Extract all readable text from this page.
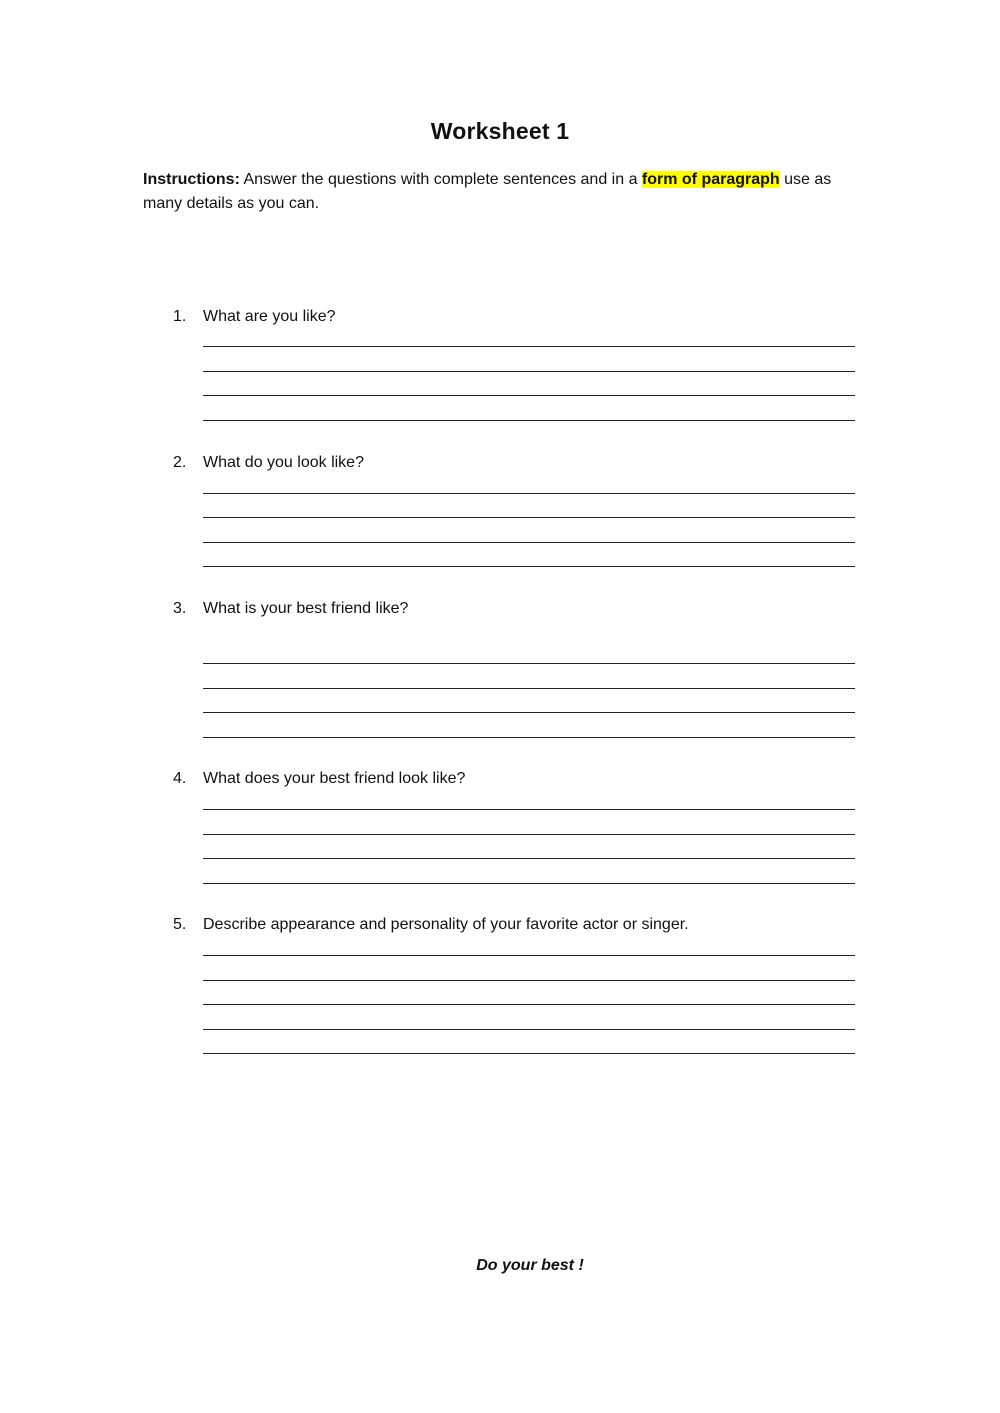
Worksheet 1

Instructions: Answer the questions with complete sentences and in a form of paragraph use as many details as you can.

1. What are you like?

2. What do you look like?

3. What is your best friend like?

4. What does your best friend look like?

5. Describe appearance and personality of your favorite actor or singer.

Do your best !
